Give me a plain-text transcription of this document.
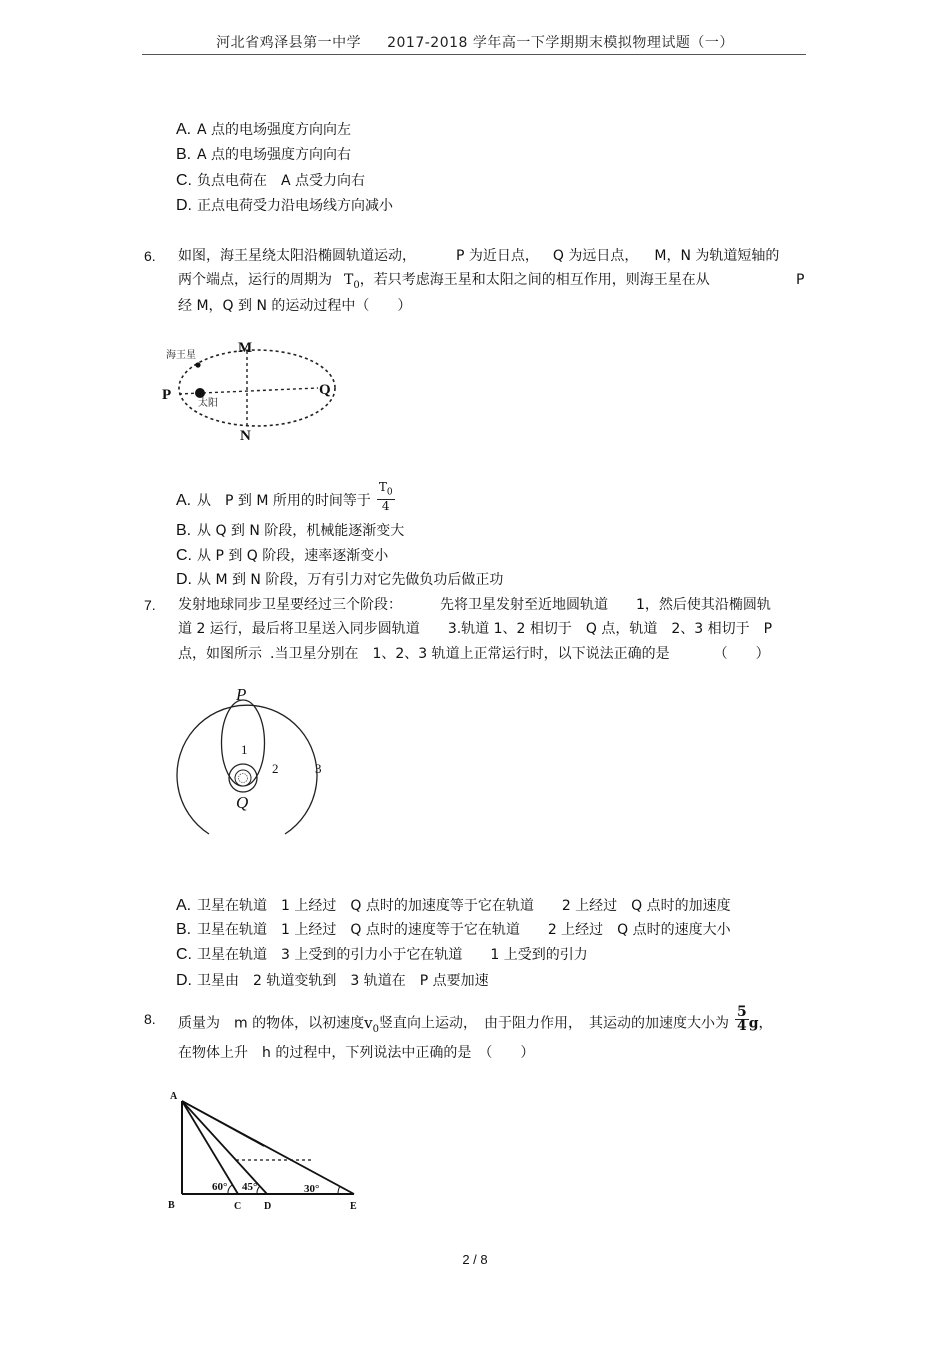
河北省鸡泽县第一中学 2017-2018 学年高一下学期期末模拟物理试题（一）
A. A 点的电场强度方向向左
B. A 点的电场强度方向向右
C. 负点电荷在　A 点受力向右
D. 正点电荷受力沿电场线方向减小
6. 如图，海王星绕太阳沿椭圆轨道运动，	P 为近日点， Q 为远日点， M，N 为轨道短轴的
两个端点，运行的周期为 $T_0$，若只考虑海王星和太阳之间的相互作用，则海王星在从	P
经 M，Q 到 N 的运动过程中（　　）
海王星
太阳
M
N
P	Q
A. 从　P 到 M 所用的时间等于 $\frac{T_0}{4}$
B. 从 Q 到 N 阶段，机械能逐渐变大
C. 从 P 到 Q 阶段，速率逐渐变小
D. 从 M 到 N 阶段，万有引力对它先做负功后做正功
7. 发射地球同步卫星要经过三个阶段：	先将卫星发射至近地圆轨道 1，然后使其沿椭圆轨
道 2 运行，最后将卫星送入同步圆轨道 3.轨道 1、2 相切于　Q 点，轨道　2、3 相切于　P
点，如图所示 .当卫星分别在　1、2、3 轨道上正常运行时，以下说法正确的是	（　　）
P
Q
1
2	3
A. 卫星在轨道　1 上经过　Q 点时的加速度等于它在轨道　　2 上经过　Q 点时的加速度
B. 卫星在轨道　1 上经过　Q 点时的速度等于它在轨道　　2 上经过　Q 点时的速度大小
C. 卫星在轨道　3 上受到的引力小于它在轨道　　1 上受到的引力
D. 卫星由　2 轨道变轨到　3 轨道在　P 点要加速
8. 质量为　m 的物体，以初速度$v_0$竖直向上运动，　由于阻力作用，　其运动的加速度大小为 $\frac{5}{4}$ g，
在物体上升　h 的过程中，下列说法中正确的是　（　　）
A
B	C D	E
60° 45°	30°
2 / 8
